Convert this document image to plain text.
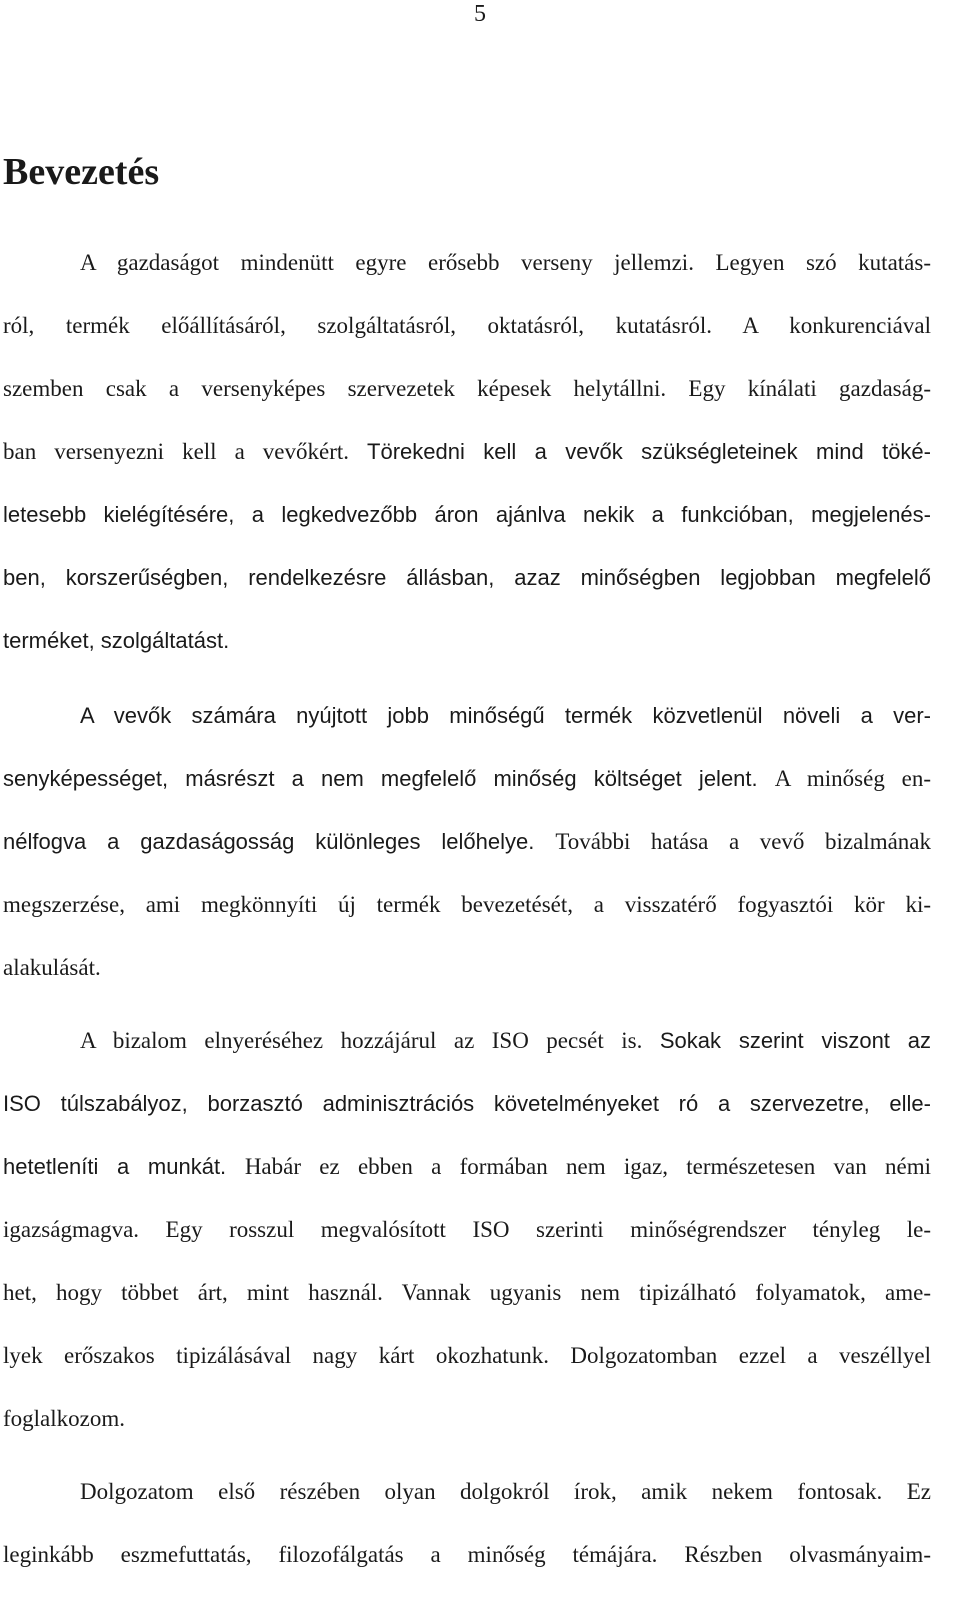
5
Bevezetés
A gazdaságot mindenütt egyre erősebb verseny jellemzi. Legyen szó kutatás-
ról, termék előállításáról, szolgáltatásról, oktatásról, kutatásról. A konkurenciával
szemben csak a versenyképes szervezetek képesek helytállni. Egy kínálati gazdaság-
ban versenyezni kell a vevőkért. Törekedni kell a vevők szükségleteinek mind töké-
letesebb kielégítésére, a legkedvezőbb áron ajánlva nekik a funkcióban, megjelenés-
ben, korszerűségben, rendelkezésre állásban, azaz minőségben legjobban megfelelő
terméket, szolgáltatást.
A vevők számára nyújtott jobb minőségű termék közvetlenül növeli a ver-
senyképességet, másrészt a nem megfelelő minőség költséget jelent. A minőség en-
nélfogva a gazdaságosság különleges lelőhelye. További hatása a vevő bizalmának
megszerzése, ami megkönnyíti új termék bevezetését, a visszatérő fogyasztói kör ki-
alakulását.
A bizalom elnyeréséhez hozzájárul az ISO pecsét is. Sokak szerint viszont az
ISO túlszabályoz, borzasztó adminisztrációs követelményeket ró a szervezetre, elle-
hetetleníti a munkát. Habár ez ebben a formában nem igaz, természetesen van némi
igazságmagva. Egy rosszul megvalósított ISO szerinti minőségrendszer tényleg le-
het, hogy többet árt, mint használ. Vannak ugyanis nem tipizálható folyamatok, ame-
lyek erőszakos tipizálásával nagy kárt okozhatunk. Dolgozatomban ezzel a veszéllyel
foglalkozom.
Dolgozatom első részében olyan dolgokról írok, amik nekem fontosak. Ez
leginkább eszmefuttatás, filozofálgatás a minőség témájára. Részben olvasmányaim-
